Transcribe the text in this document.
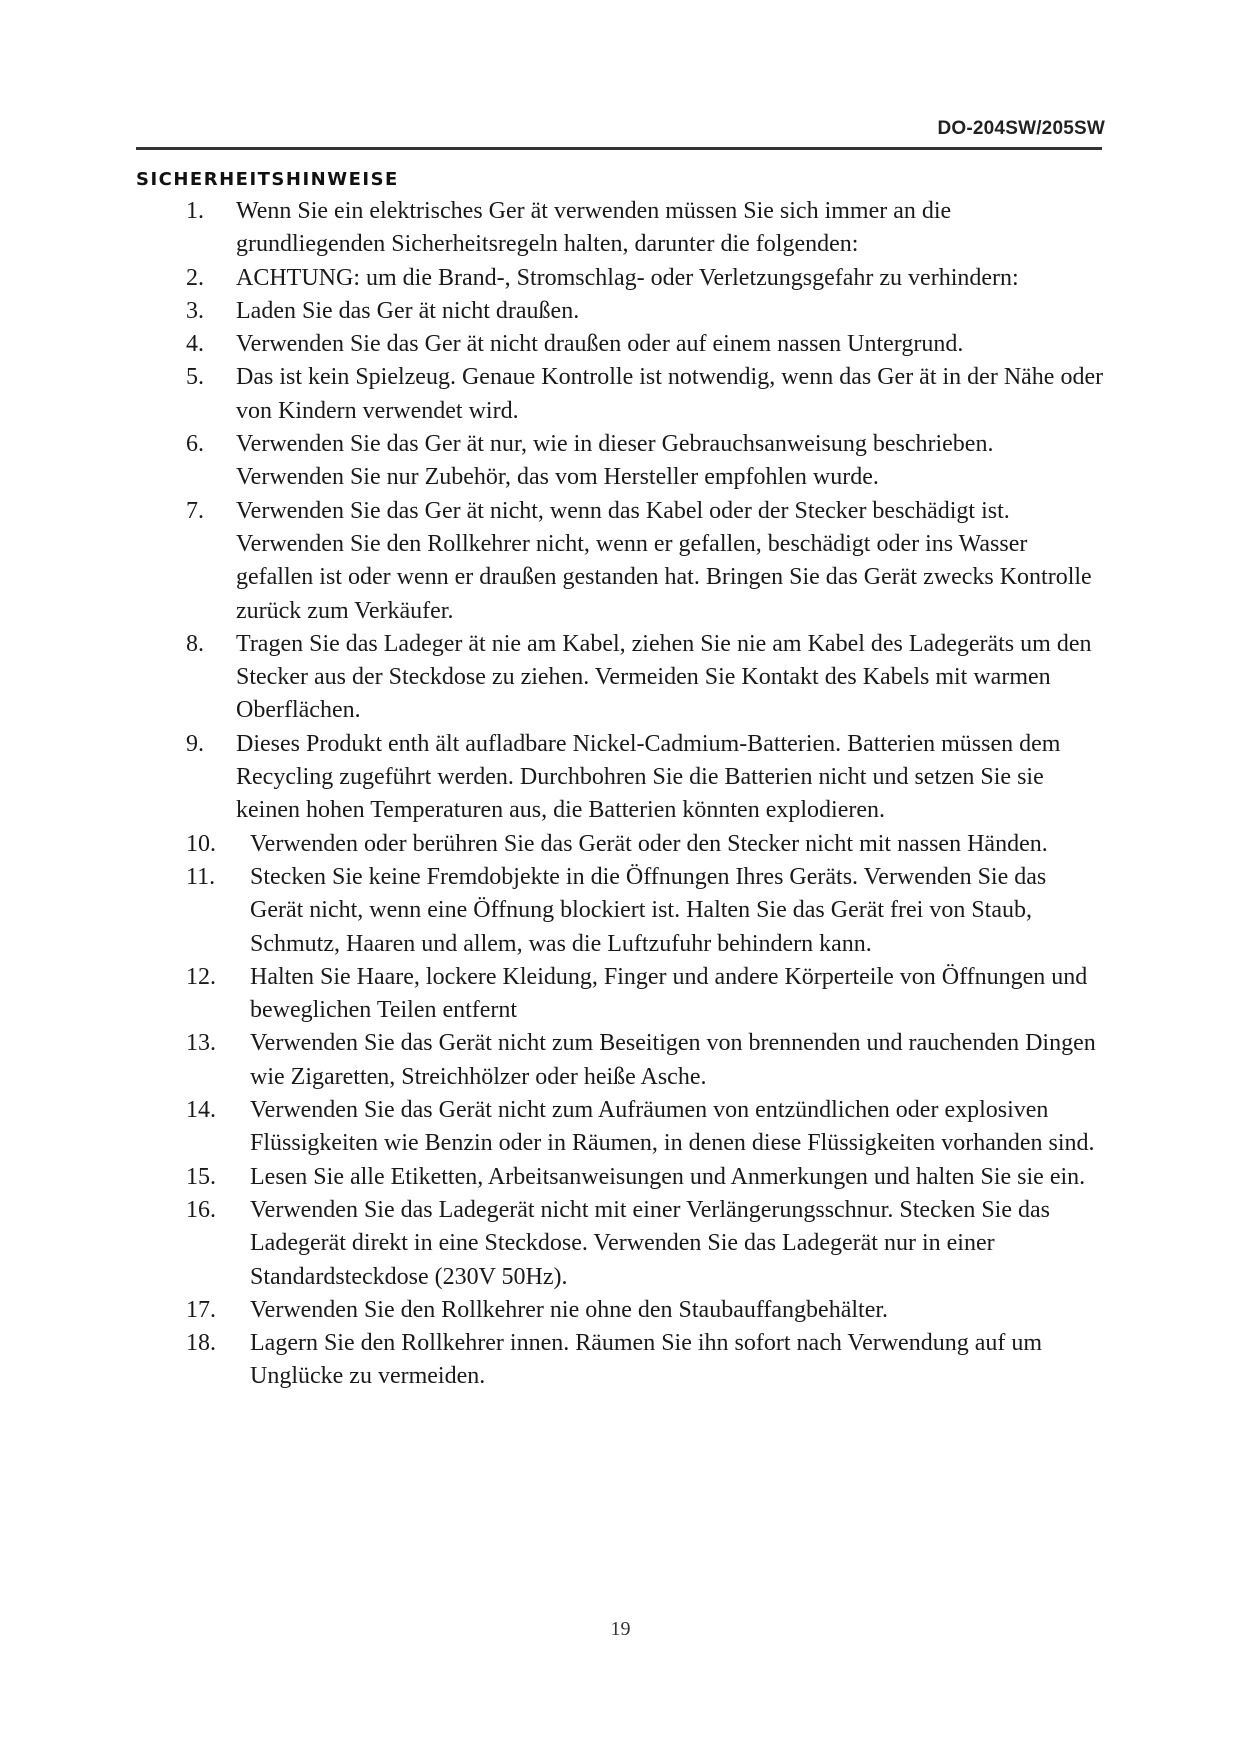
DO-204SW/205SW
sicherheitshinweise
1.	Wenn Sie ein elektrisches Ger ät verwenden müssen Sie sich immer an die grundliegenden Sicherheitsregeln halten, darunter die folgenden:
2.	ACHTUNG: um die Brand-, Stromschlag- oder Verletzungsgefahr zu verhindern:
3.	Laden Sie das Ger ät nicht draußen.
4.	Verwenden Sie das Ger ät nicht draußen oder auf einem nassen Untergrund.
5.	Das ist kein Spielzeug. Genaue Kontrolle ist notwendig, wenn das Ger ät in der Nähe oder von Kindern verwendet wird.
6.	Verwenden Sie das Ger ät nur, wie in dieser Gebrauchsanweisung beschrieben. Verwenden Sie nur Zubehör, das vom Hersteller empfohlen wurde.
7.	Verwenden Sie das Ger ät nicht, wenn das Kabel oder der Stecker beschädigt ist. Verwenden Sie den Rollkehrer nicht, wenn er gefallen, beschädigt oder ins Wasser gefallen ist oder wenn er draußen gestanden hat. Bringen Sie das Gerät zwecks Kontrolle zurück zum Verkäufer.
8.	Tragen Sie das Ladeger ät nie am Kabel, ziehen Sie nie am Kabel des Ladegeräts um den Stecker aus der Steckdose zu ziehen. Vermeiden Sie Kontakt des Kabels mit warmen Oberflächen.
9.	Dieses Produkt enth ält aufladbare Nickel-Cadmium-Batterien. Batterien müssen dem Recycling zugeführt werden. Durchbohren Sie die Batterien nicht und setzen Sie sie keinen hohen Temperaturen aus, die Batterien könnten explodieren.
10. Verwenden oder berühren Sie das Gerät oder den Stecker nicht mit nassen Händen.
11. Stecken Sie keine Fremdobjekte in die Öffnungen Ihres Geräts. Verwenden Sie das Gerät nicht, wenn eine Öffnung blockiert ist. Halten Sie das Gerät frei von Staub, Schmutz, Haaren und allem, was die Luftzufuhr behindern kann.
12. Halten Sie Haare, lockere Kleidung, Finger und andere Körperteile von Öffnungen und beweglichen Teilen entfernt
13. Verwenden Sie das Gerät nicht zum Beseitigen von brennenden und rauchenden Dingen wie Zigaretten, Streichhölzer oder heiße Asche.
14. Verwenden Sie das Gerät nicht zum Aufräumen von entzündlichen oder explosiven Flüssigkeiten wie Benzin oder in Räumen, in denen diese Flüssigkeiten vorhanden sind.
15. Lesen Sie alle Etiketten, Arbeitsanweisungen und Anmerkungen und halten Sie sie ein.
16. Verwenden Sie das Ladegerät nicht mit einer Verlängerungsschnur. Stecken Sie das Ladegerät direkt in eine Steckdose. Verwenden Sie das Ladegerät nur in einer Standardsteckdose (230V 50Hz).
17. Verwenden Sie den Rollkehrer nie ohne den Staubauffangbehälter.
18. Lagern Sie den Rollkehrer innen. Räumen Sie ihn sofort nach Verwendung auf um Unglücke zu vermeiden.
19
